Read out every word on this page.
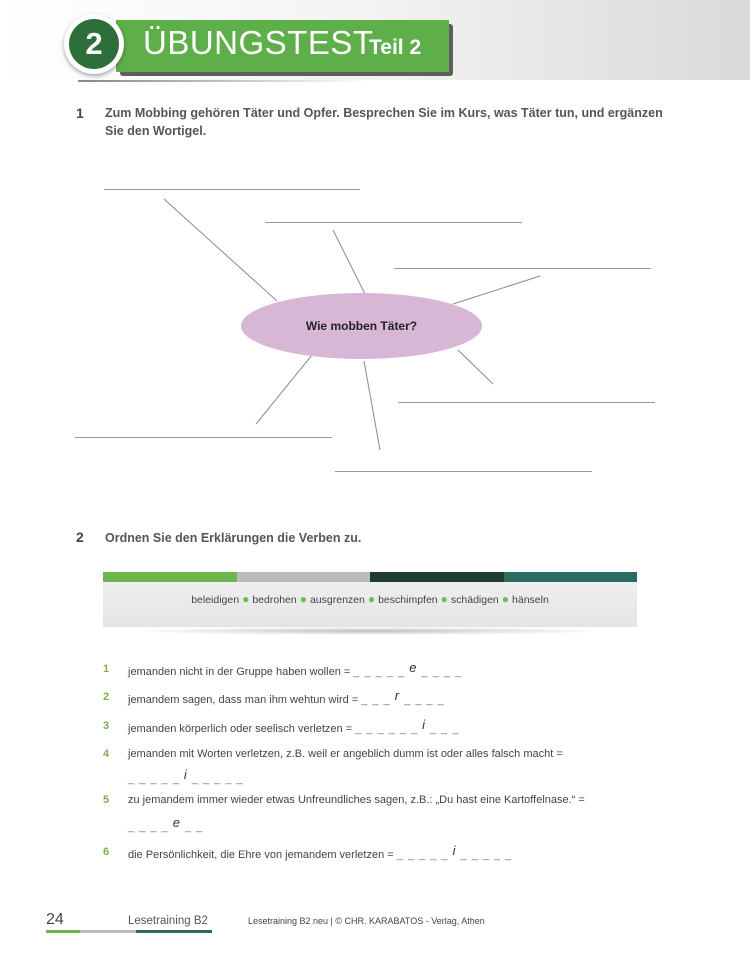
ÜBUNGSTEST
Teil 2
2
1 Zum Mobbing gehören Täter und Opfer. Besprechen Sie im Kurs, was Täter tun, und ergänzen
Sie den Wortigel.
Wie mobben Täter?
2 Ordnen Sie den Erklärungen die Verben zu.
beleidigen ● bedrohen ● ausgrenzen ● beschimpfen ● schädigen ● hänseln
1 jemanden nicht in der Gruppe haben wollen = _ _ _ _ _ e _ _ _ _
2 jemandem sagen, dass man ihm wehtun wird = _ _ _ r _ _ _ _
3 jemanden körperlich oder seelisch verletzen = _ _ _ _ _ _ i _ _ _
4 jemanden mit Worten verletzen, z.B. weil er angeblich dumm ist oder alles falsch macht =
_ _ _ _ _ i _ _ _ _ _
5 zu jemandem immer wieder etwas Unfreundliches sagen, z.B.: „Du hast eine Kartoffelnase.“ =
_ _ _ _ e _ _
6 die Persönlichkeit, die Ehre von jemandem verletzen = _ _ _ _ _ i _ _ _ _ _
24	Lesetraining B2	Lesetraining B2 neu | © CHR. KARABATOS - Verlag, Athen
